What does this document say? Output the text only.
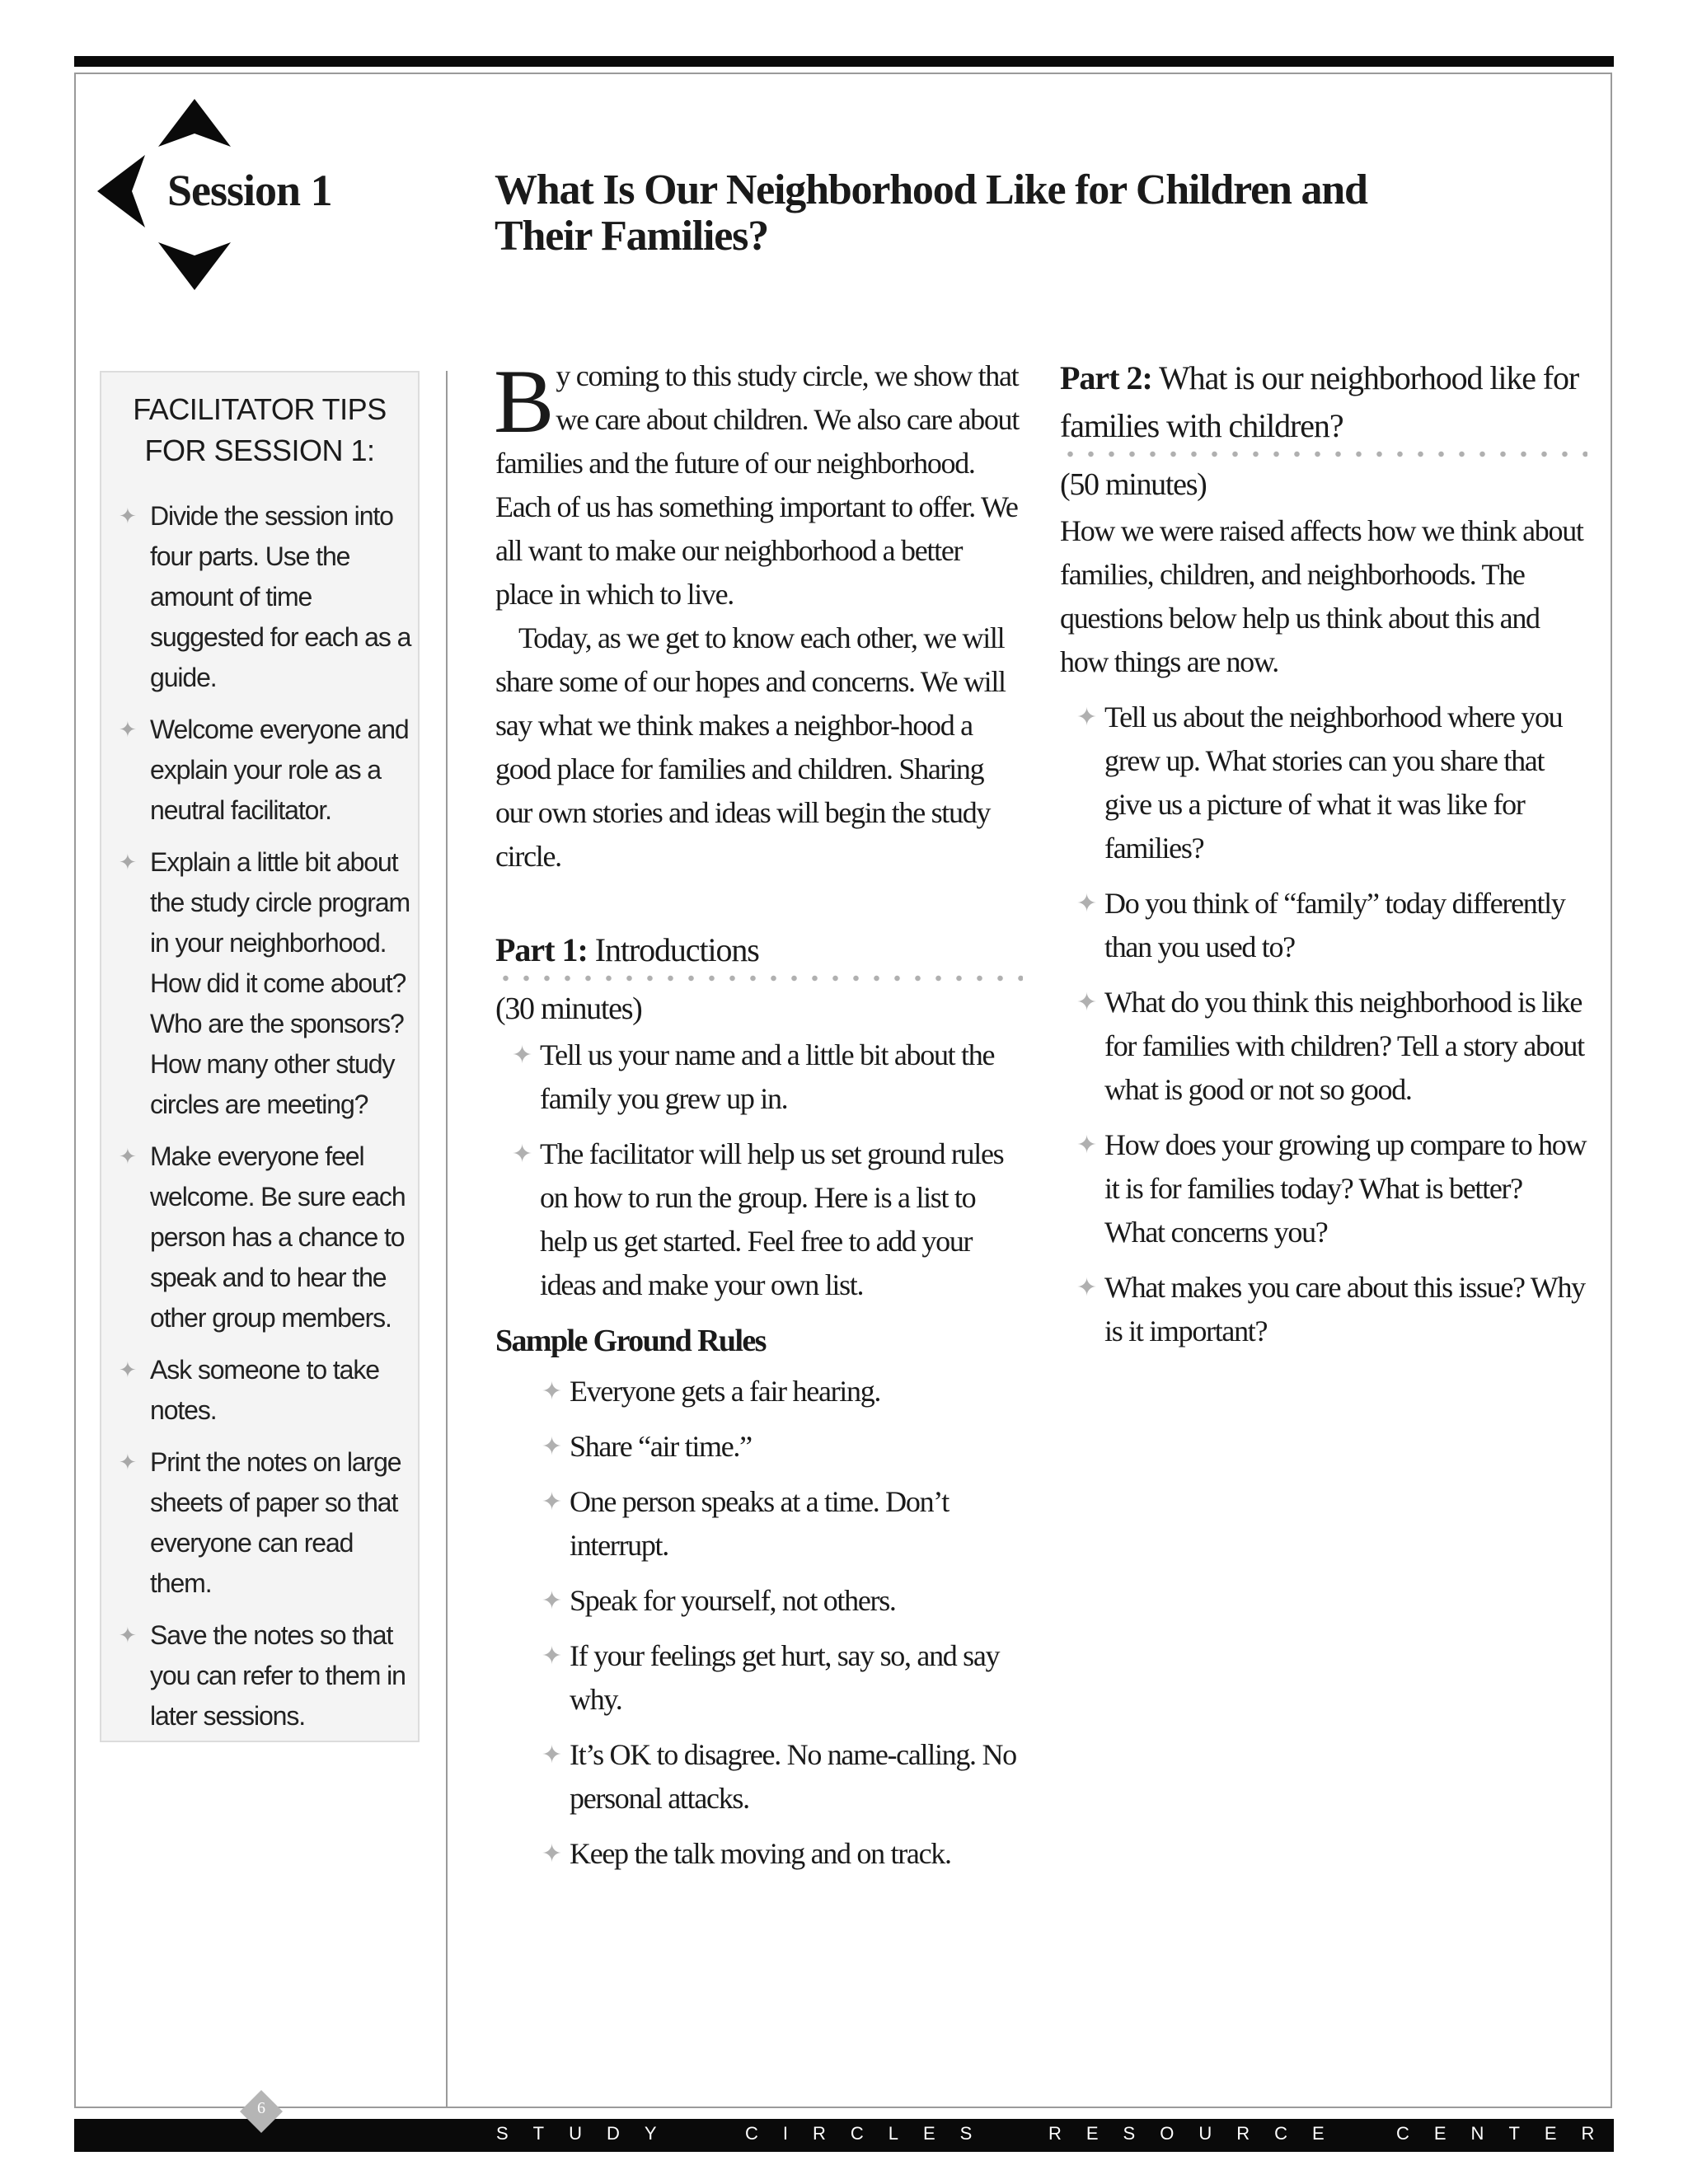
Session 1	What Is Our Neighborhood Like for Children and Their Families?
FACILITATOR TIPS
FOR SESSION 1:
✦ Divide the session into four parts. Use the amount of time suggested for each as a guide.
✦ Welcome everyone and explain your role as a neutral facilitator.
✦ Explain a little bit about the study circle program in your neighborhood. How did it come about? Who are the sponsors? How many other study circles are meeting?
✦ Make everyone feel welcome. Be sure each person has a chance to speak and to hear the other group members.
✦ Ask someone to take notes.
✦ Print the notes on large sheets of paper so that everyone can read them.
✦ Save the notes so that you can refer to them in later sessions.

By coming to this study circle, we show that we care about children. We also care about families and the future of our neighborhood. Each of us has something important to offer. We all want to make our neighborhood a better place in which to live.

Today, as we get to know each other, we will share some of our hopes and concerns. We will say what we think makes a neighbor-hood a good place for families and children. Sharing our own stories and ideas will begin the study circle.

Part 1: Introductions

(30 minutes)

✦ Tell us your name and a little bit about the family you grew up in.
✦ The facilitator will help us set ground rules on how to run the group. Here is a list to help us get started. Feel free to add your ideas and make your own list.
Sample Ground Rules
✦ Everyone gets a fair hearing.
✦ Share “air time.”
✦ One person speaks at a time. Don’t interrupt.
✦ Speak for yourself, not others.
✦ If your feelings get hurt, say so, and say why.
✦ It’s OK to disagree. No name-calling. No personal attacks.
✦ Keep the talk moving and on track.
Part 2: What is our neighborhood like for families with children?

(50 minutes)

How we were raised affects how we think about families, children, and neighborhoods. The questions below help us think about this and how things are now.

✦ Tell us about the neighborhood where you grew up. What stories can you share that give us a picture of what it was like for families?
✦ Do you think of “family” today differently than you used to?
✦ What do you think this neighborhood is like for families with children? Tell a story about what is good or not so good.
✦ How does your growing up compare to how it is for families today? What is better? What concerns you?
✦ What makes you care about this issue? Why is it important?
STUDY	CIRCLES	RESOURCE	CENTER
6
